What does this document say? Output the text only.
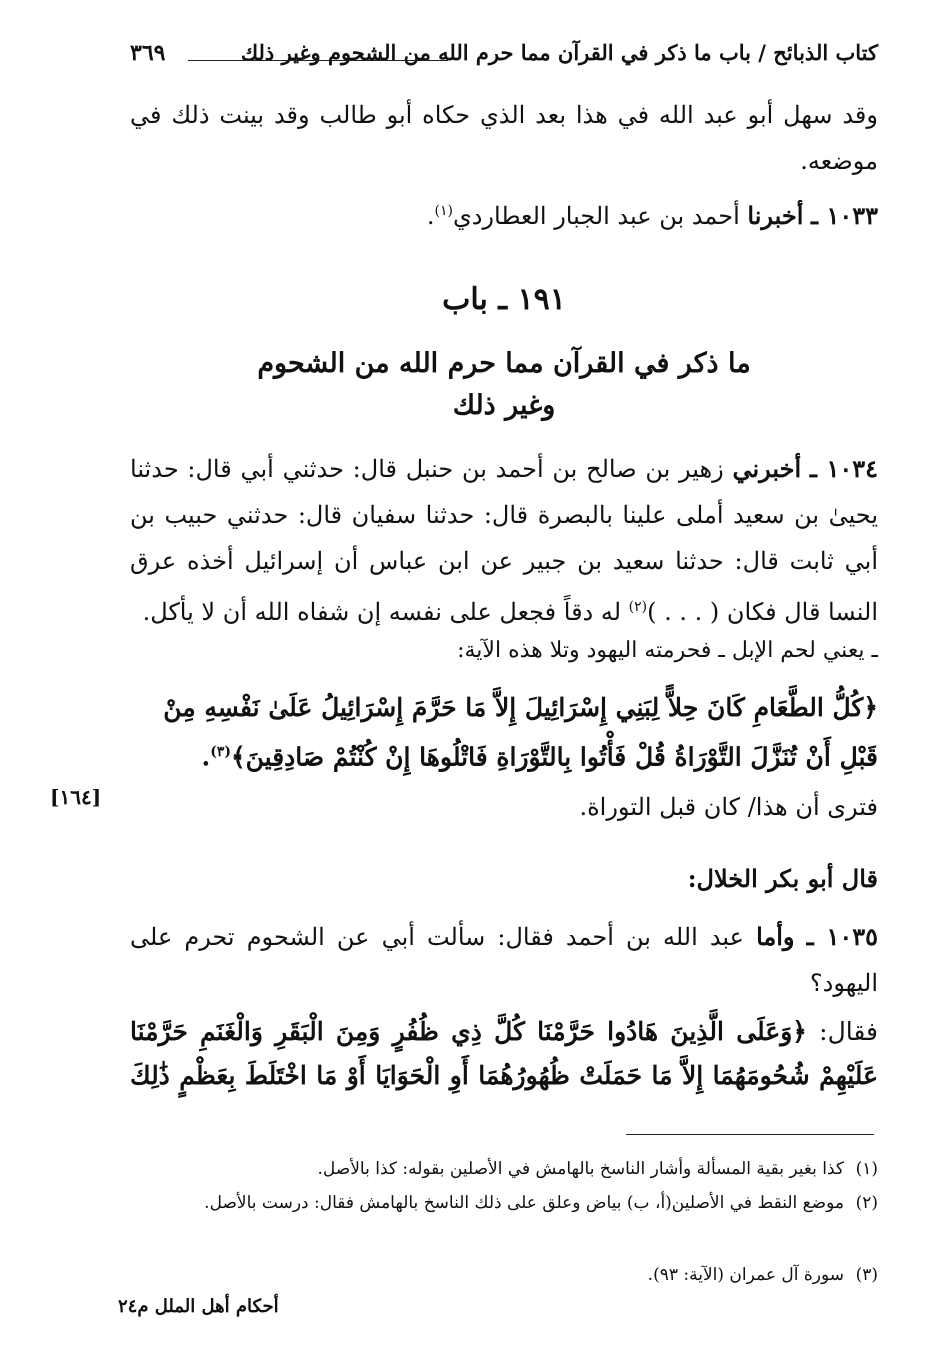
كتاب الذبائح / باب ما ذكر في القرآن مما حرم الله من الشحوم وغير ذلك
٣٦٩
وقد سهل أبو عبد الله في هذا بعد الذي حكاه أبو طالب وقد بينت ذلك في موضعه.
١٠٣٣ ـ أخبرنا أحمد بن عبد الجبار العطاردي$^{(١)}$.
١٩١ ـ باب
ما ذكر في القرآن مما حرم الله من الشحوم
وغير ذلك
١٠٣٤ ـ أخبرني زهير بن صالح بن أحمد بن حنبل قال: حدثني أبي قال: حدثنا يحيىٰ بن سعيد أملى علينا بالبصرة قال: حدثنا سفيان قال: حدثني حبيب بن أبي ثابت قال: حدثنا سعيد بن جبير عن ابن عباس أن إسرائيل أخذه عرق النسا قال فكان ( . . . )$^{(٢)}$ له دقاً فجعل على نفسه إن شفاه الله أن لا يأكل.
ـ يعني لحم الإبل ـ فحرمته اليهود وتلا هذه الآية:
﴿كُلُّ الطَّعَامِ كَانَ حِلاًّ لِبَنِي إِسْرَائِيلَ إِلاَّ مَا حَرَّمَ إِسْرَائِيلُ عَلَىٰ نَفْسِهِ مِنْ قَبْلِ أَنْ تُنَزَّلَ التَّوْرَاةُ قُلْ فَأْتُوا بِالتَّوْرَاةِ فَاتْلُوهَا إِنْ كُنْتُمْ صَادِقِينَ﴾$^{(٣)}$.
[١٦٤]	فترى أن هذا/ كان قبل التوراة.
قال أبو بكر الخلال:
١٠٣٥ ـ وأما عبد الله بن أحمد فقال: سألت أبي عن الشحوم تحرم على اليهود؟
فقال: ﴿وَعَلَى الَّذِينَ هَادُوا حَرَّمْنَا كُلَّ ذِي ظُفُرٍ وَمِنَ الْبَقَرِ وَالْغَنَمِ حَرَّمْنَا عَلَيْهِمْ شُحُومَهُمَا إِلاَّ مَا حَمَلَتْ ظُهُورُهُمَا أَوِ الْحَوَايَا أَوْ مَا اخْتَلَطَ بِعَظْمٍ ذَٰلِكَ
(١)كذا بغير بقية المسألة وأشار الناسخ بالهامش في الأصلين بقوله: كذا بالأصل.
(٢)موضع النقط في الأصلين(أ، ب) بياض وعلق على ذلك الناسخ بالهامش فقال: درست بالأصل.
(٣)سورة آل عمران (الآية: ٩٣).
أحكام أهل الملل م٢٤
